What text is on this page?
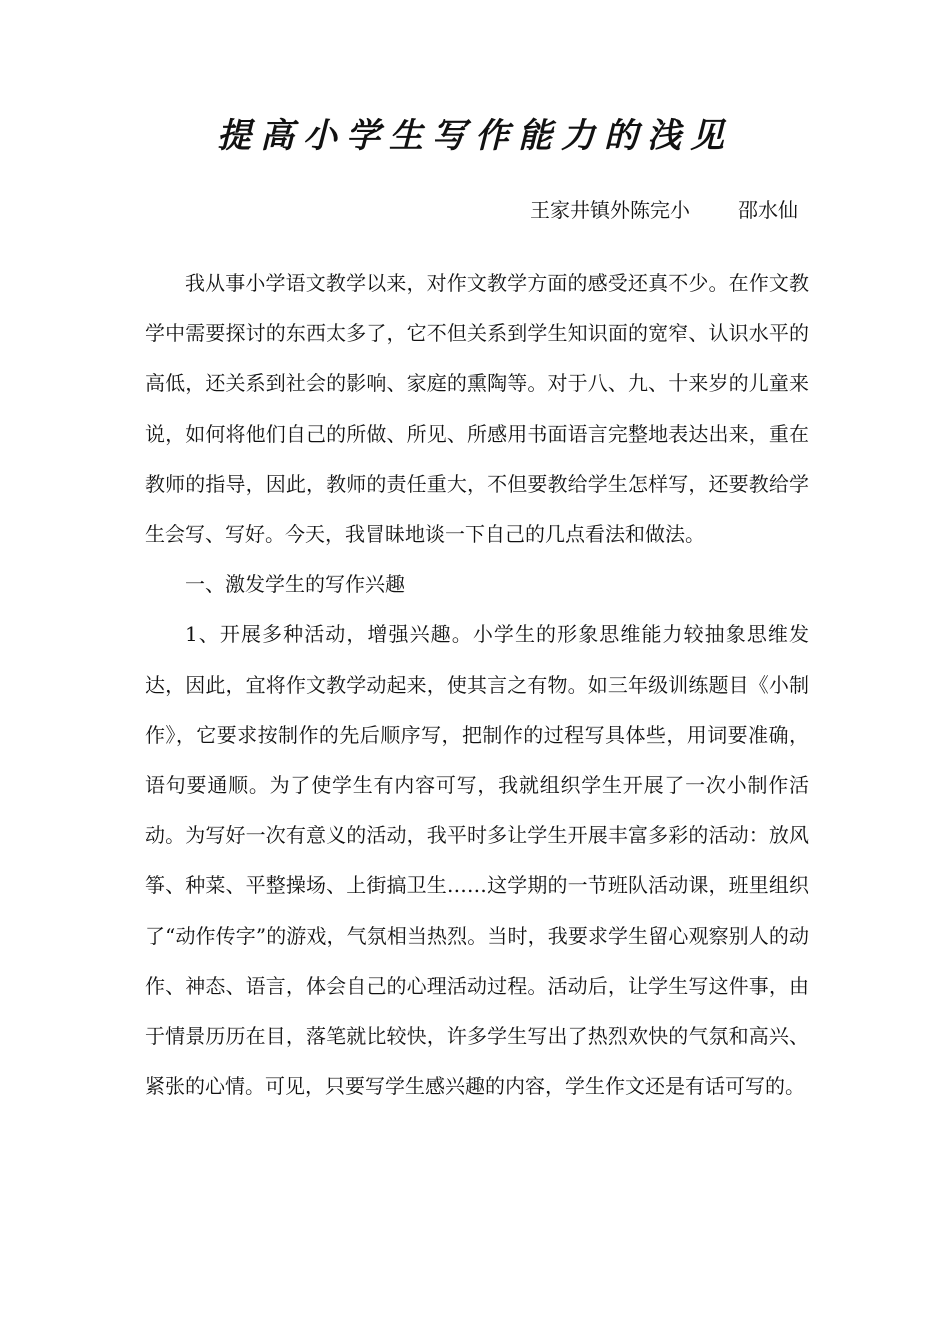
提高小学生写作能力的浅见
王家井镇外陈完小 邵水仙

我从事小学语文教学以来，对作文教学方面的感受还真不少。在作文教学中需要探讨的东西太多了，它不但关系到学生知识面的宽窄、认识水平的高低，还关系到社会的影响、家庭的熏陶等。对于八、九、十来岁的儿童来说，如何将他们自己的所做、所见、所感用书面语言完整地表达出来，重在教师的指导，因此，教师的责任重大，不但要教给学生怎样写，还要教给学生会写、写好。今天，我冒昧地谈一下自己的几点看法和做法。

一、激发学生的写作兴趣

1、开展多种活动，增强兴趣。小学生的形象思维能力较抽象思维发达，因此，宜将作文教学动起来，使其言之有物。如三年级训练题目《小制作》，它要求按制作的先后顺序写，把制作的过程写具体些，用词要准确，语句要通顺。为了使学生有内容可写，我就组织学生开展了一次小制作活动。为写好一次有意义的活动，我平时多让学生开展丰富多彩的活动：放风筝、种菜、平整操场、上街搞卫生……这学期的一节班队活动课，班里组织了“动作传字”的游戏，气氛相当热烈。当时，我要求学生留心观察别人的动作、神态、语言，体会自己的心理活动过程。活动后，让学生写这件事，由于情景历历在目，落笔就比较快，许多学生写出了热烈欢快的气氛和高兴、紧张的心情。可见，只要写学生感兴趣的内容，学生作文还是有话可写的。
